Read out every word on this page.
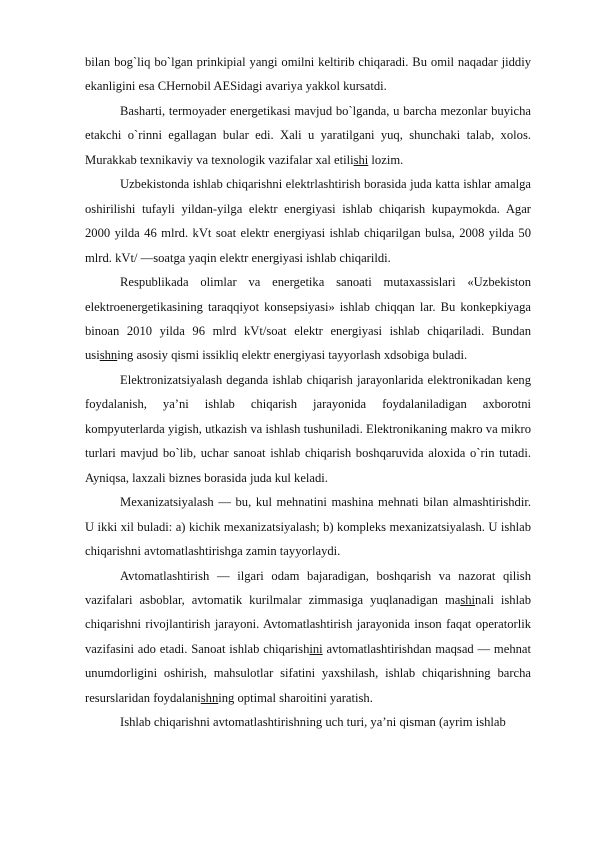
bilan bog`liq bo`lgan prinkipial yangi omilni keltirib chiqaradi. Bu omil naqadar jiddiy ekanligini esa CHernobil AESidagi avariya yakkol kursatdi.

Basharti, termoyader energetikasi mavjud bo`lganda, u barcha mezonlar buyicha etakchi o`rinni egallagan bular edi. Xali u yaratilgani yuq, shunchaki talab, xolos. Murakkab texnikaviy va texnologik vazifalar xal etilishi lozim.

Uzbekistonda ishlab chiqarishni elektrlashtirish borasida juda katta ishlar amalga oshirilishi tufayli yildan-yilga elektr energiyasi ishlab chiqarish kupaymokda. Agar 2000 yilda 46 mlrd. kVt soat elektr energiyasi ishlab chiqarilgan bulsa, 2008 yilda 50 mlrd. kVt/ —soatga yaqin elektr energiyasi ishlab chiqarildi.

Respublikada olimlar va energetika sanoati mutaxassislari «Uzbekiston elektroenergetikasining taraqqiyot konsepsiyasi» ishlab chiqqan lar. Bu konkepkiyaga binoan 2010 yilda 96 mlrd kVt/soat elektr energiyasi ishlab chiqariladi. Bundan usishning asosiy qismi issikliq elektr energiyasi tayyorlash xdsobiga buladi.

Elektronizatsiyalash deganda ishlab chiqarish jarayonlarida elektronikadan keng foydalanish, ya’ni ishlab chiqarish jarayonida foydalaniladigan axborotni kompyuterlarda yigish, utkazish va ishlash tushuniladi. Elektronikaning makro va mikro turlari mavjud bo`lib, uchar sanoat ishlab chiqarish boshqaruvida aloxida o`rin tutadi. Ayniqsa, laxzali biznes borasida juda kul keladi.

Mexanizatsiyalash — bu, kul mehnatini mashina mehnati bilan almashtirishdir. U ikki xil buladi: a) kichik mexanizatsiyalash; b) kompleks mexanizatsiyalash. U ishlab chiqarishni avtomatlashtirishga zamin tayyorlaydi.

Avtomatlashtirish — ilgari odam bajaradigan, boshqarish va nazorat qilish vazifalari asboblar, avtomatik kurilmalar zimmasiga yuqlanadigan mashinali ishlab chiqarishni rivojlantirish jarayoni. Avtomatlashtirish jarayonida inson faqat operatorlik vazifasini ado etadi. Sanoat ishlab chiqarishini avtomatlashtirishdan maqsad — mehnat unumdorligini oshirish, mahsulotlar sifatini yaxshilash, ishlab chiqarishning barcha resurslaridan foydalanishning optimal sharoitini yaratish.

Ishlab chiqarishni avtomatlashtirishning uch turi, ya’ni qisman (ayrim ishlab
